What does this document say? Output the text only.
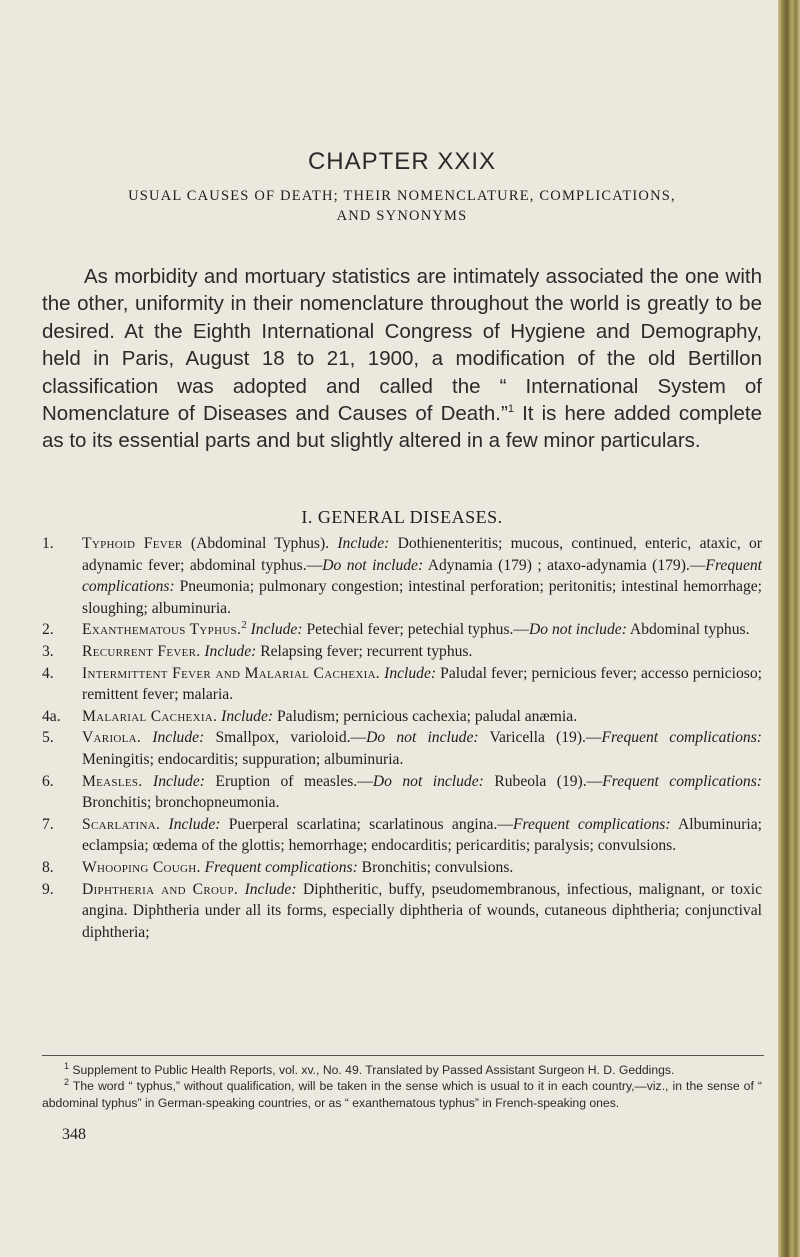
CHAPTER XXIX
USUAL CAUSES OF DEATH; THEIR NOMENCLATURE, COMPLICATIONS,
AND SYNONYMS

As morbidity and mortuary statistics are intimately associated the one with the other, uniformity in their nomenclature throughout the world is greatly to be desired. At the Eighth International Congress of Hygiene and Demography, held in Paris, August 18 to 21, 1900, a modification of the old Bertillon classification was adopted and called the “ International System of Nomenclature of Diseases and Causes of Death.”$^1$ It is here added complete as to its essential parts and but slightly altered in a few minor particulars.

I. GENERAL DISEASES.
1. Typhoid Fever (Abdominal Typhus). Include: Dothienenteritis; mucous, continued, enteric, ataxic, or adynamic fever; abdominal typhus.—Do not include: Adynamia (179) ; ataxo-adynamia (179).—Frequent complications: Pneumonia; pulmonary congestion; intestinal perforation; peritonitis; intestinal hemorrhage; sloughing; albuminuria.
2. Exanthematous Typhus.$^2$ Include: Petechial fever; petechial typhus.—Do not include: Abdominal typhus.
3. Recurrent Fever. Include: Relapsing fever; recurrent typhus.
4. Intermittent Fever and Malarial Cachexia. Include: Paludal fever; pernicious fever; accesso pernicioso; remittent fever; malaria.
4a. Malarial Cachexia. Include: Paludism; pernicious cachexia; paludal anæmia.
5. Variola. Include: Smallpox, varioloid.—Do not include: Varicella (19).—Frequent complications: Meningitis; endocarditis; suppuration; albuminuria.
6. Measles. Include: Eruption of measles.—Do not include: Rubeola (19).—Frequent complications: Bronchitis; bronchopneumonia.
7. Scarlatina. Include: Puerperal scarlatina; scarlatinous angina.—Frequent complications: Albuminuria; eclampsia; œdema of the glottis; hemorrhage; endocarditis; pericarditis; paralysis; convulsions.
8. Whooping Cough. Frequent complications: Bronchitis; convulsions.
9. Diphtheria and Croup. Include: Diphtheritic, buffy, pseudomembranous, infectious, malignant, or toxic angina. Diphtheria under all its forms, especially diphtheria of wounds, cutaneous diphtheria; conjunctival diphtheria;

$^1$ Supplement to Public Health Reports, vol. xv., No. 49. Translated by Passed Assistant Surgeon H. D. Geddings.

$^2$ The word “ typhus,” without qualification, will be taken in the sense which is usual to it in each country,—viz., in the sense of “ abdominal typhus” in German-speaking countries, or as “ exanthematous typhus” in French-speaking ones.

348
